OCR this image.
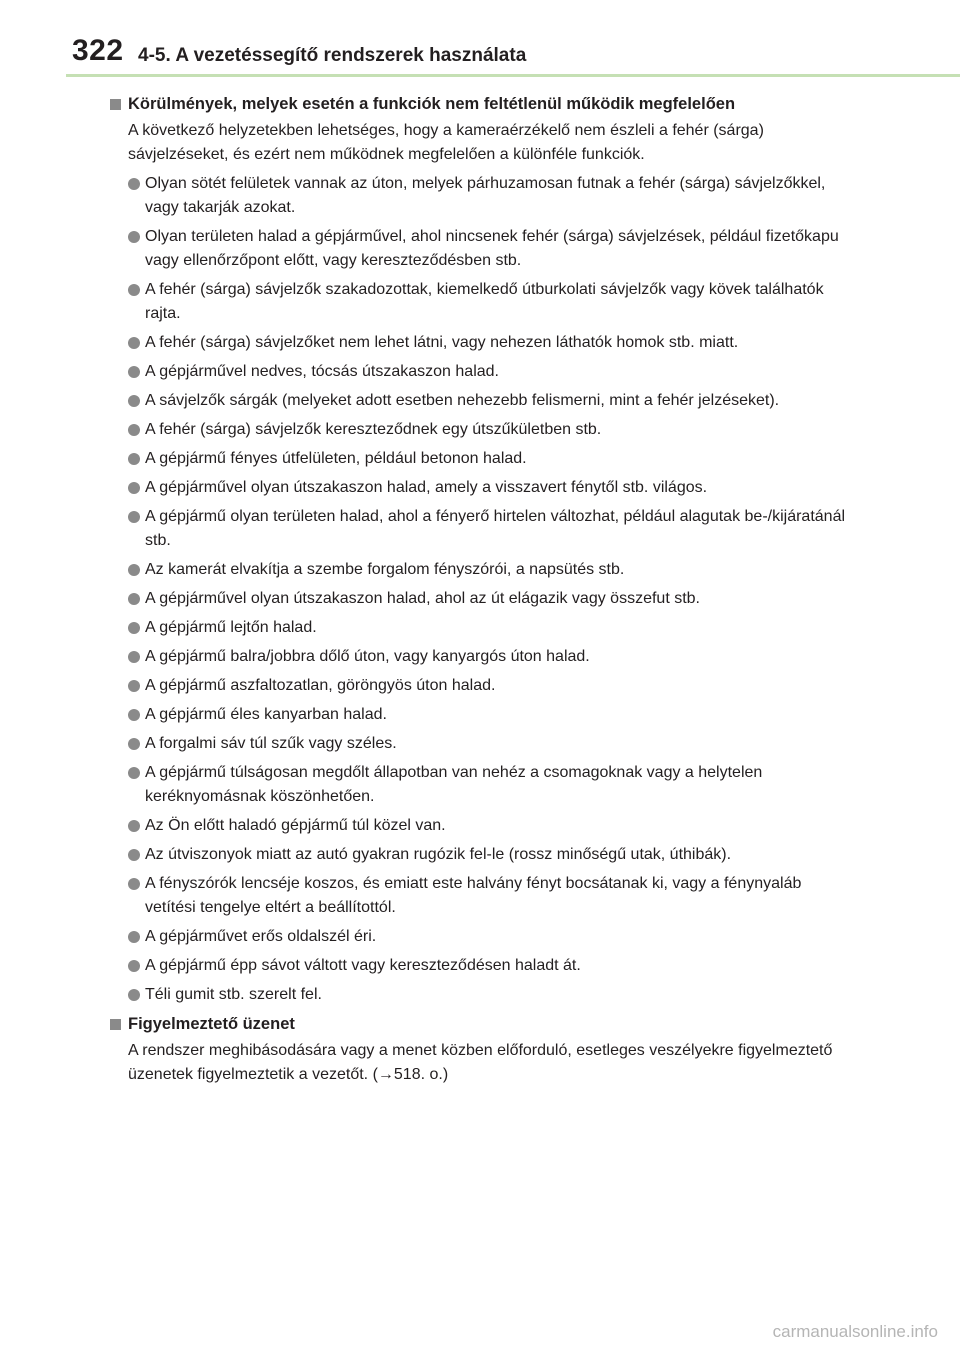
322 4-5. A vezetéssegítő rendszerek használata
Körülmények, melyek esetén a funkciók nem feltétlenül működik megfelelően
A következő helyzetekben lehetséges, hogy a kameraérzékelő nem észleli a fehér (sárga) sávjelzéseket, és ezért nem működnek megfelelően a különféle funkciók.
Olyan sötét felületek vannak az úton, melyek párhuzamosan futnak a fehér (sárga) sávjelzőkkel, vagy takarják azokat.
Olyan területen halad a gépjárművel, ahol nincsenek fehér (sárga) sávjelzések, például fizetőkapu vagy ellenőrzőpont előtt, vagy kereszteződésben stb.
A fehér (sárga) sávjelzők szakadozottak, kiemelkedő útburkolati sávjelzők vagy kövek találhatók rajta.
A fehér (sárga) sávjelzőket nem lehet látni, vagy nehezen láthatók homok stb. miatt.
A gépjárművel nedves, tócsás útszakaszon halad.
A sávjelzők sárgák (melyeket adott esetben nehezebb felismerni, mint a fehér jelzéseket).
A fehér (sárga) sávjelzők kereszteződnek egy útszűkületben stb.
A gépjármű fényes útfelületen, például betonon halad.
A gépjárművel olyan útszakaszon halad, amely a visszavert fénytől stb. világos.
A gépjármű olyan területen halad, ahol a fényerő hirtelen változhat, például alagutak be-/kijáratánál stb.
Az kamerát elvakítja a szembe forgalom fényszórói, a napsütés stb.
A gépjárművel olyan útszakaszon halad, ahol az út elágazik vagy összefut stb.
A gépjármű lejtőn halad.
A gépjármű balra/jobbra dőlő úton, vagy kanyargós úton halad.
A gépjármű aszfaltozatlan, göröngyös úton halad.
A gépjármű éles kanyarban halad.
A forgalmi sáv túl szűk vagy széles.
A gépjármű túlságosan megdőlt állapotban van nehéz a csomagoknak vagy a helytelen keréknyomásnak köszönhetően.
Az Ön előtt haladó gépjármű túl közel van.
Az útviszonyok miatt az autó gyakran rugózik fel-le (rossz minőségű utak, úthibák).
A fényszórók lencséje koszos, és emiatt este halvány fényt bocsátanak ki, vagy a fénynyaláb vetítési tengelye eltért a beállítottól.
A gépjárművet erős oldalszél éri.
A gépjármű épp sávot váltott vagy kereszteződésen haladt át.
Téli gumit stb. szerelt fel.
Figyelmeztető üzenet
A rendszer meghibásodására vagy a menet közben előforduló, esetleges veszélyekre figyelmeztető üzenetek figyelmeztetik a vezetőt. (→518. o.)
carmanualsonline.info
